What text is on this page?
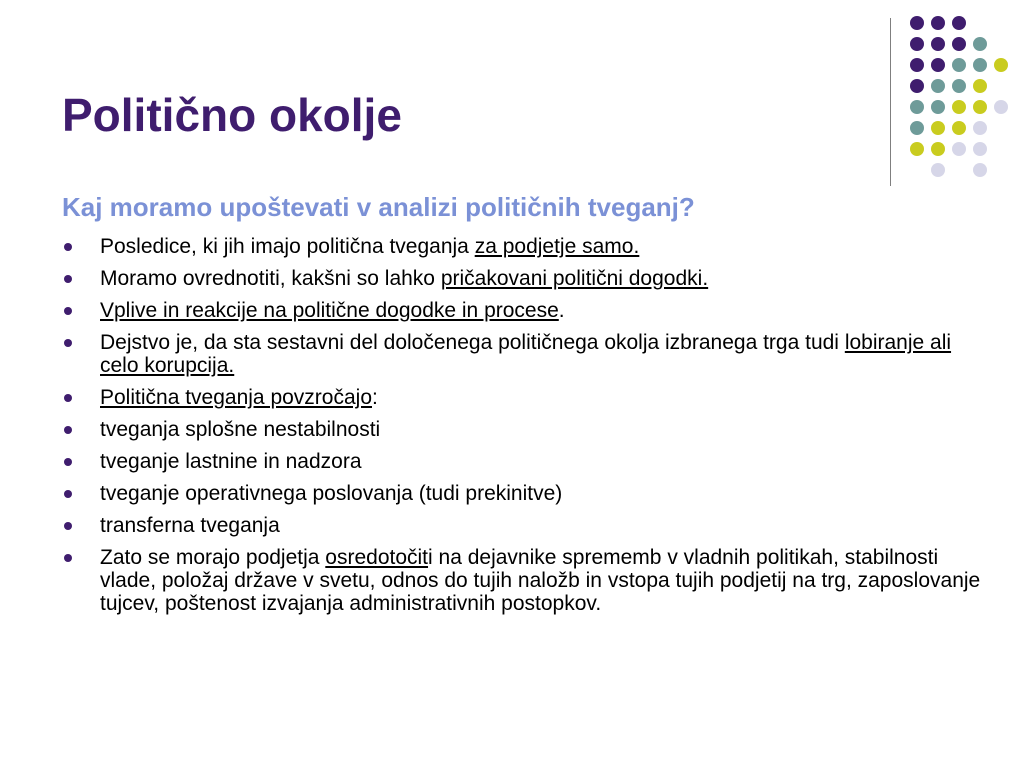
Politično okolje
Kaj moramo upoštevati v analizi političnih tveganj?
Posledice, ki jih imajo politična tveganja za podjetje samo.
Moramo ovrednotiti, kakšni so lahko pričakovani politični dogodki.
Vplive in reakcije na politične dogodke in procese.
Dejstvo je, da sta sestavni del določenega političnega okolja izbranega trga tudi lobiranje ali celo korupcija.
Politična tveganja povzročajo:
tveganja splošne nestabilnosti
tveganje lastnine in nadzora
tveganje operativnega poslovanja (tudi prekinitve)
transferna tveganja
Zato se morajo podjetja osredotočiti na dejavnike sprememb v vladnih politikah, stabilnosti vlade, položaj države v svetu, odnos do tujih naložb in vstopa tujih podjetij na trg, zaposlovanje tujcev, poštenost izvajanja administrativnih postopkov.
